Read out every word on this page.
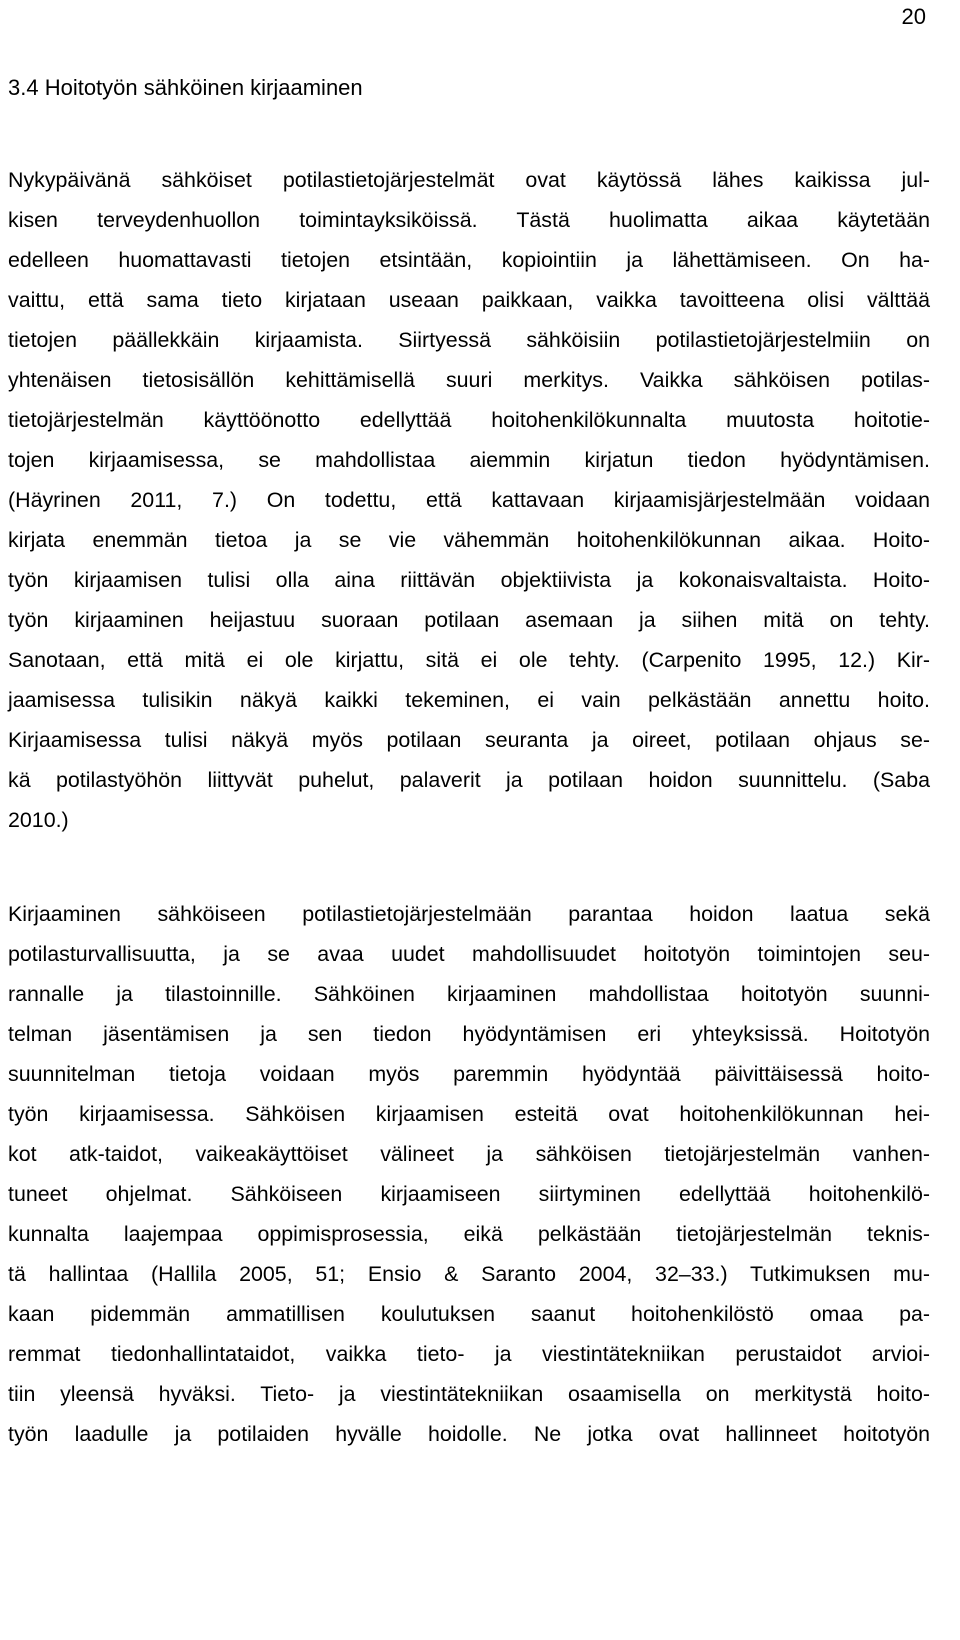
20
3.4 Hoitotyön sähköinen kirjaaminen
Nykypäivänä sähköiset potilastietojärjestelmät ovat käytössä lähes kaikissa jul-
kisen terveydenhuollon toimintayksiköissä. Tästä huolimatta aikaa käytetään
edelleen huomattavasti tietojen etsintään, kopiointiin ja lähettämiseen. On ha-
vaittu, että sama tieto kirjataan useaan paikkaan, vaikka tavoitteena olisi välttää
tietojen päällekkäin kirjaamista. Siirtyessä sähköisiin potilastietojärjestelmiin on
yhtenäisen tietosisällön kehittämisellä suuri merkitys. Vaikka sähköisen potilas-
tietojärjestelmän käyttöönotto edellyttää hoitohenkilökunnalta muutosta hoitotie-
tojen kirjaamisessa, se mahdollistaa aiemmin kirjatun tiedon hyödyntämisen.
(Häyrinen 2011, 7.) On todettu, että kattavaan kirjaamisjärjestelmään voidaan
kirjata enemmän tietoa ja se vie vähemmän hoitohenkilökunnan aikaa. Hoito-
työn kirjaamisen tulisi olla aina riittävän objektiivista ja kokonaisvaltaista. Hoito-
työn kirjaaminen heijastuu suoraan potilaan asemaan ja siihen mitä on tehty.
Sanotaan, että mitä ei ole kirjattu, sitä ei ole tehty. (Carpenito 1995, 12.) Kir-
jaamisessa tulisikin näkyä kaikki tekeminen, ei vain pelkästään annettu hoito.
Kirjaamisessa tulisi näkyä myös potilaan seuranta ja oireet, potilaan ohjaus se-
kä potilastyöhön liittyvät puhelut, palaverit ja potilaan hoidon suunnittelu. (Saba
2010.)
Kirjaaminen sähköiseen potilastietojärjestelmään parantaa hoidon laatua sekä
potilasturvallisuutta, ja se avaa uudet mahdollisuudet hoitotyön toimintojen seu-
rannalle ja tilastoinnille. Sähköinen kirjaaminen mahdollistaa hoitotyön suunni-
telman jäsentämisen ja sen tiedon hyödyntämisen eri yhteyksissä. Hoitotyön
suunnitelman tietoja voidaan myös paremmin hyödyntää päivittäisessä hoito-
työn kirjaamisessa. Sähköisen kirjaamisen esteitä ovat hoitohenkilökunnan hei-
kot atk-taidot, vaikeakäyttöiset välineet ja sähköisen tietojärjestelmän vanhen-
tuneet ohjelmat. Sähköiseen kirjaamiseen siirtyminen edellyttää hoitohenkilö-
kunnalta laajempaa oppimisprosessia, eikä pelkästään tietojärjestelmän teknis-
tä hallintaa (Hallila 2005, 51; Ensio & Saranto 2004, 32–33.) Tutkimuksen mu-
kaan pidemmän ammatillisen koulutuksen saanut hoitohenkilöstö omaa pa-
remmat tiedonhallintataidot, vaikka tieto- ja viestintätekniikan perustaidot arvioi-
tiin yleensä hyväksi. Tieto- ja viestintätekniikan osaamisella on merkitystä hoito-
työn laadulle ja potilaiden hyvälle hoidolle. Ne jotka ovat hallinneet hoitotyön
